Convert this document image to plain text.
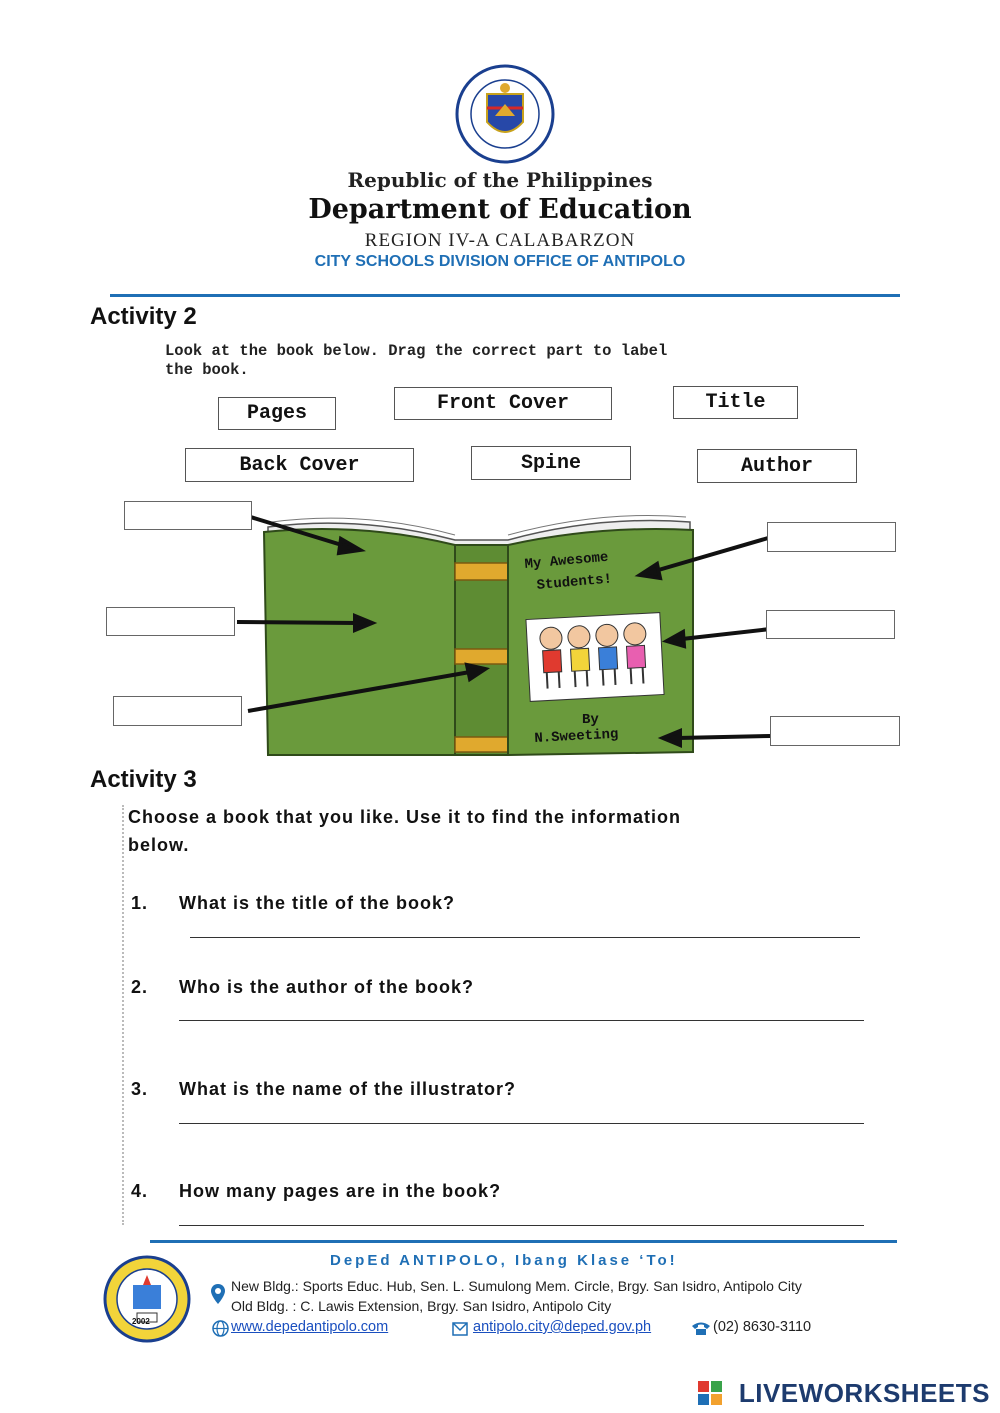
Republic of the Philippines
Department of Education
REGION IV-A CALABARZON
CITY SCHOOLS DIVISION OFFICE OF ANTIPOLO
Activity 2
Look at the book below. Drag the correct part to label
the book.
Pages	Front Cover	Title
Back Cover	Spine	Author
My Awesome
Students!
By
N.Sweeting
Activity 3
Choose a book that you like. Use it to find the information
below.
1. What is the title of the book?
2. Who is the author of the book?
3. What is the name of the illustrator?
4. How many pages are in the book?
2002
DepEd ANTIPOLO, Ibang Klase ‘To!
New Bldg.: Sports Educ. Hub, Sen. L. Sumulong Mem. Circle, Brgy. San Isidro, Antipolo City
Old Bldg. : C. Lawis Extension, Brgy. San Isidro, Antipolo City
www.depedantipolo.com	antipolo.city@deped.gov.ph	(02) 8630-3110
LIVEWORKSHEETS
